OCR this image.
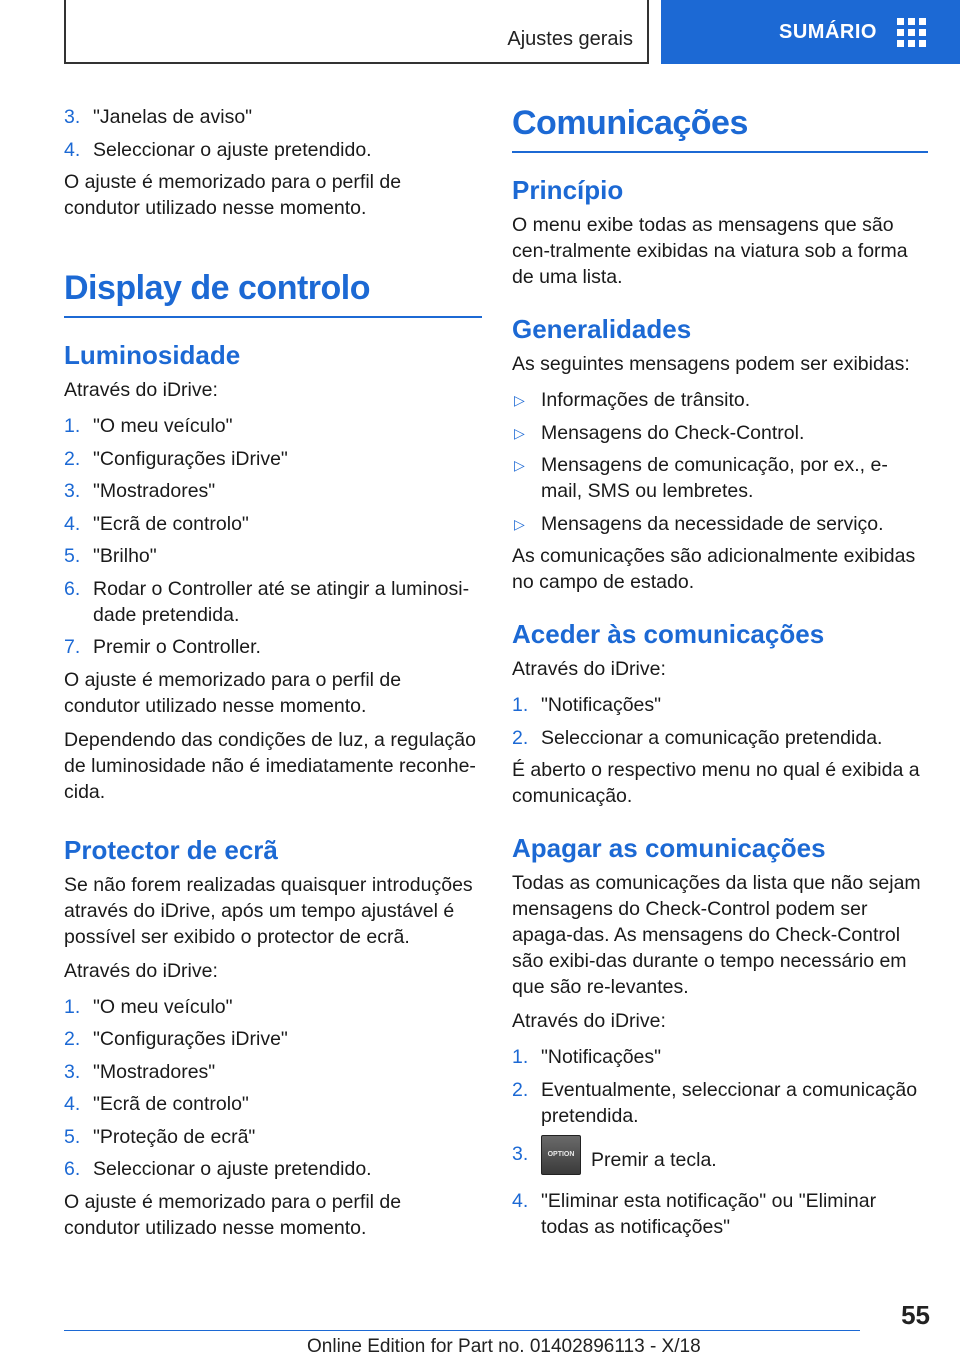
Ajustes gerais	SUMÁRIO
3. "Janelas de aviso"
4. Seleccionar o ajuste pretendido.

O ajuste é memorizado para o perfil de condutor utilizado nesse momento.

Display de controlo
Luminosidade

Através do iDrive:

1. "O meu veículo"
2. "Configurações iDrive"
3. "Mostradores"
4. "Ecrã de controlo"
5. "Brilho"
6. Rodar o Controller até se atingir a luminosi-dade pretendida.
7. Premir o Controller.

O ajuste é memorizado para o perfil de condutor utilizado nesse momento.

Dependendo das condições de luz, a regulação de luminosidade não é imediatamente reconhe-cida.

Protector de ecrã

Se não forem realizadas quaisquer introduções através do iDrive, após um tempo ajustável é possível ser exibido o protector de ecrã.

Através do iDrive:

1. "O meu veículo"
2. "Configurações iDrive"
3. "Mostradores"
4. "Ecrã de controlo"
5. "Proteção de ecrã"
6. Seleccionar o ajuste pretendido.

O ajuste é memorizado para o perfil de condutor utilizado nesse momento.

Comunicações
Princípio

O menu exibe todas as mensagens que são cen-tralmente exibidas na viatura sob a forma de uma lista.

Generalidades

As seguintes mensagens podem ser exibidas:

▷ Informações de trânsito.
▷ Mensagens do Check-Control.
▷ Mensagens de comunicação, por ex., e-mail, SMS ou lembretes.
▷ Mensagens da necessidade de serviço.

As comunicações são adicionalmente exibidas no campo de estado.

Aceder às comunicações

Através do iDrive:

1. "Notificações"
2. Seleccionar a comunicação pretendida.

É aberto o respectivo menu no qual é exibida a comunicação.

Apagar as comunicações

Todas as comunicações da lista que não sejam mensagens do Check-Control podem ser apaga-das. As mensagens do Check-Control são exibi-das durante o tempo necessário em que são re-levantes.

Através do iDrive:

1. "Notificações"
2. Eventualmente, seleccionar a comunicação pretendida.
3.	OPTION Premir a tecla.
4. "Eliminar esta notificação" ou "Eliminar todas as notificações"
55
Online Edition for Part no. 01402896113 - X/18
